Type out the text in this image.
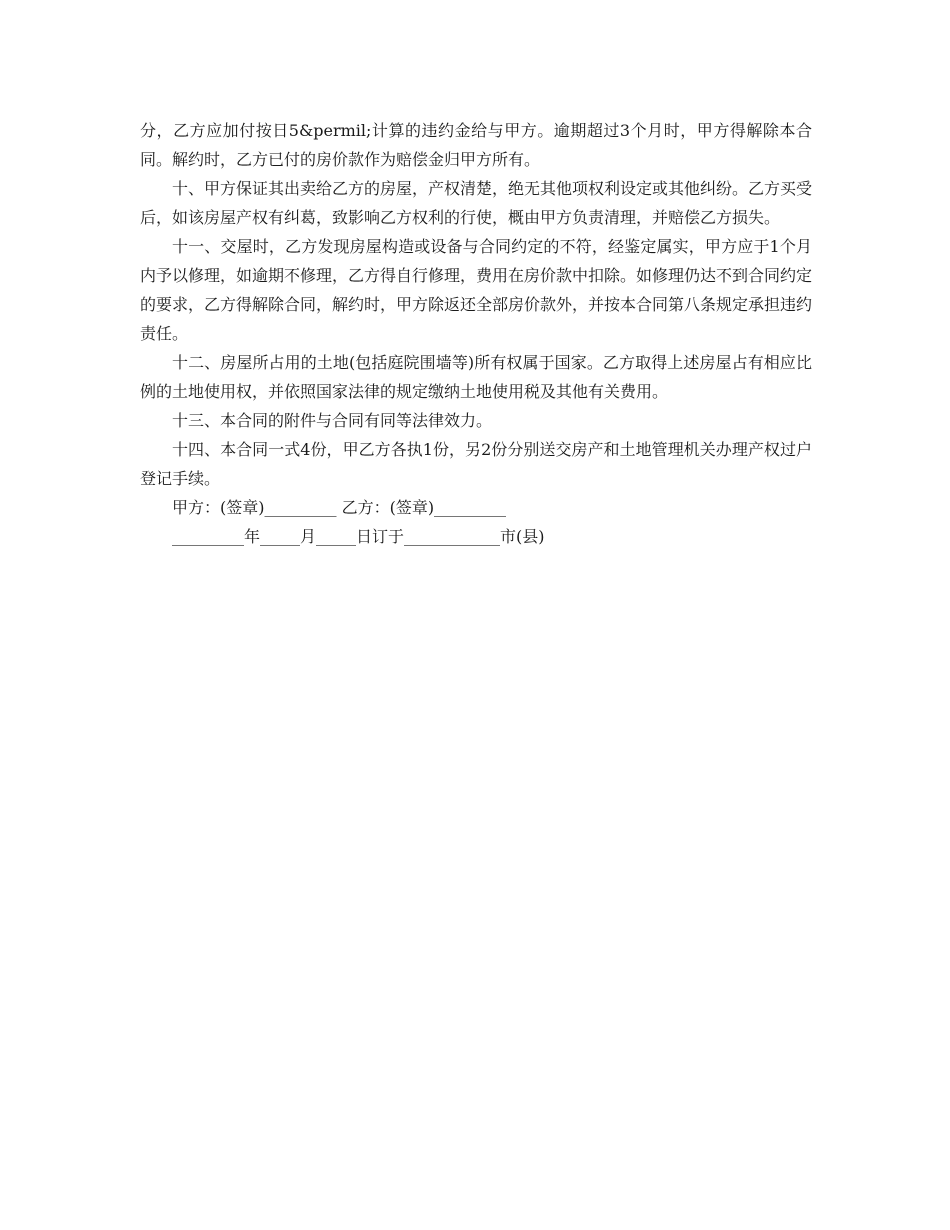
分，乙方应加付按日5&permil;计算的违约金给与甲方。逾期超过3个月时，甲方得解除本合同。解约时，乙方已付的房价款作为赔偿金归甲方所有。

十、甲方保证其出卖给乙方的房屋，产权清楚，绝无其他项权利设定或其他纠纷。乙方买受后，如该房屋产权有纠葛，致影响乙方权利的行使，概由甲方负责清理，并赔偿乙方损失。

十一、交屋时，乙方发现房屋构造或设备与合同约定的不符，经鉴定属实，甲方应于1个月内予以修理，如逾期不修理，乙方得自行修理，费用在房价款中扣除。如修理仍达不到合同约定的要求，乙方得解除合同，解约时，甲方除返还全部房价款外，并按本合同第八条规定承担违约责任。

十二、房屋所占用的土地(包括庭院围墙等)所有权属于国家。乙方取得上述房屋占有相应比例的土地使用权，并依照国家法律的规定缴纳土地使用税及其他有关费用。

十三、本合同的附件与合同有同等法律效力。

十四、本合同一式4份，甲乙方各执1份，另2份分别送交房产和土地管理机关办理产权过户登记手续。

甲方：(签章)_________ 乙方：(签章)_________

_________年_____月_____日订于____________市(县)
